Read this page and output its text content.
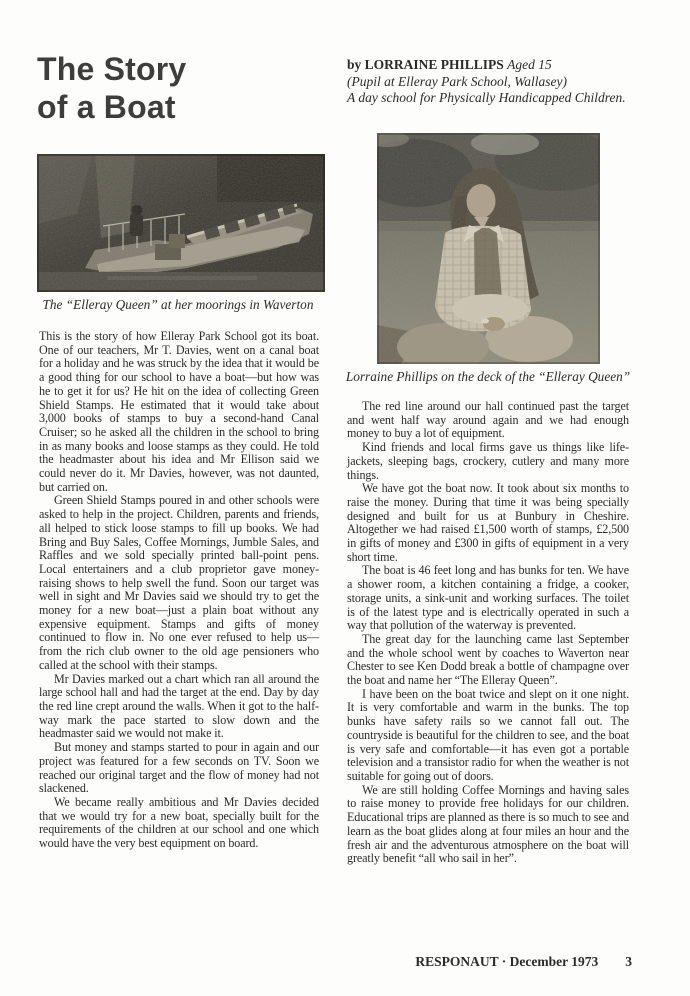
The Story
of a Boat
by LORRAINE PHILLIPS Aged 15
(Pupil at Elleray Park School, Wallasey)
A day school for Physically Handicapped Children.
The “Elleray Queen” at her moorings in Waverton
Lorraine Phillips on the deck of the “Elleray Queen”

This is the story of how Elleray Park School got its boat. One of our teachers, Mr T. Davies, went on a canal boat for a holiday and he was struck by the idea that it would be a good thing for our school to have a boat—but how was he to get it for us? He hit on the idea of collecting Green Shield Stamps. He estimated that it would take about 3,000 books of stamps to buy a second-hand Canal Cruiser; so he asked all the children in the school to bring in as many books and loose stamps as they could. He told the headmaster about his idea and Mr Ellison said we could never do it. Mr Davies, however, was not daunted, but carried on.

Green Shield Stamps poured in and other schools were asked to help in the project. Children, parents and friends, all helped to stick loose stamps to fill up books. We had Bring and Buy Sales, Coffee Mornings, Jumble Sales, and Raffles and we sold specially printed ball-point pens. Local entertainers and a club proprietor gave money-raising shows to help swell the fund. Soon our target was well in sight and Mr Davies said we should try to get the money for a new boat—just a plain boat without any expensive equipment. Stamps and gifts of money continued to flow in. No one ever refused to help us—from the rich club owner to the old age pensioners who called at the school with their stamps.

Mr Davies marked out a chart which ran all around the large school hall and had the target at the end. Day by day the red line crept around the walls. When it got to the half-way mark the pace started to slow down and the headmaster said we would not make it.

But money and stamps started to pour in again and our project was featured for a few seconds on TV. Soon we reached our original target and the flow of money had not slackened.

We became really ambitious and Mr Davies decided that we would try for a new boat, specially built for the requirements of the children at our school and one which would have the very best equipment on board.

The red line around our hall continued past the target and went half way around again and we had enough money to buy a lot of equipment.

Kind friends and local firms gave us things like life-jackets, sleeping bags, crockery, cutlery and many more things.

We have got the boat now. It took about six months to raise the money. During that time it was being specially designed and built for us at Bunbury in Cheshire. Altogether we had raised £1,500 worth of stamps, £2,500 in gifts of money and £300 in gifts of equipment in a very short time.

The boat is 46 feet long and has bunks for ten. We have a shower room, a kitchen containing a fridge, a cooker, storage units, a sink-unit and working surfaces. The toilet is of the latest type and is electrically operated in such a way that pollution of the waterway is prevented.

The great day for the launching came last September and the whole school went by coaches to Waverton near Chester to see Ken Dodd break a bottle of champagne over the boat and name her “The Elleray Queen”.

I have been on the boat twice and slept on it one night. It is very comfortable and warm in the bunks. The top bunks have safety rails so we cannot fall out. The countryside is beautiful for the children to see, and the boat is very safe and comfortable—it has even got a portable television and a transistor radio for when the weather is not suitable for going out of doors.

We are still holding Coffee Mornings and having sales to raise money to provide free holidays for our children. Educational trips are planned as there is so much to see and learn as the boat glides along at four miles an hour and the fresh air and the adventurous atmosphere on the boat will greatly benefit “all who sail in her”.

RESPONAUT · December 1973 3
